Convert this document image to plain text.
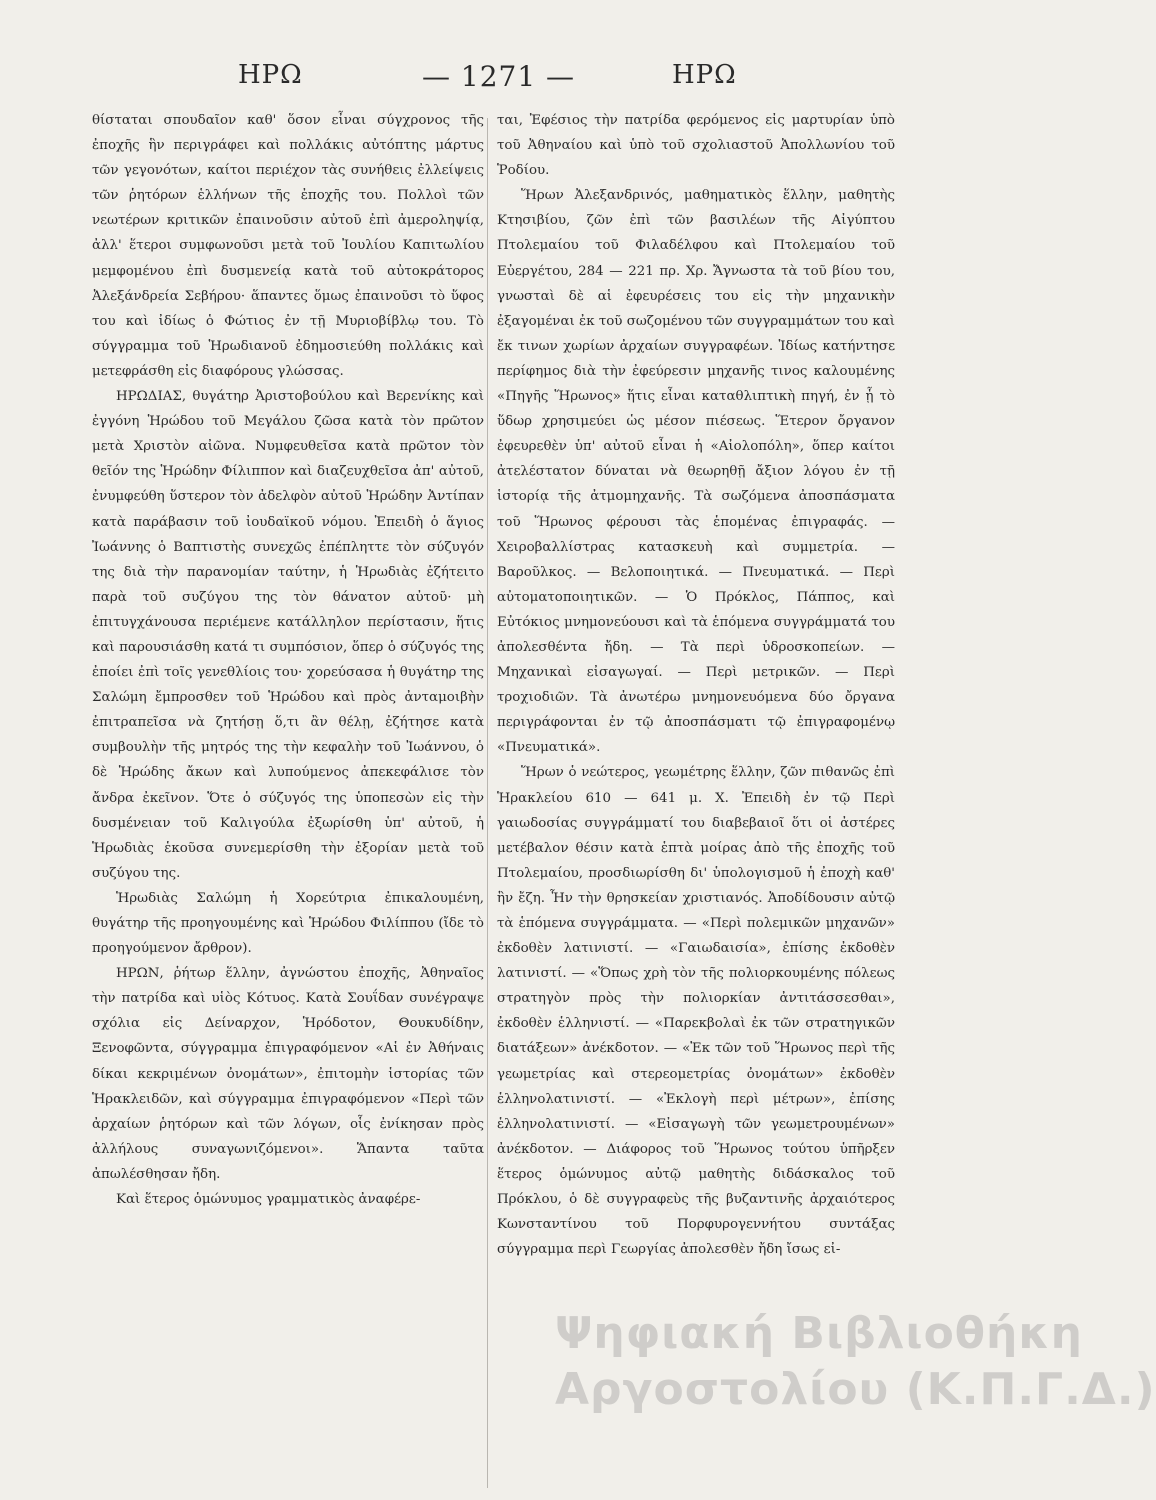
ΗΡΩ	— 1271 —	ΗΡΩ

θίσταται σπουδαῖον καθ' ὅσον εἶναι σύγχρονος τῆς ἐποχῆς ἣν περιγράφει καὶ πολλάκις αὐτόπτης μάρτυς τῶν γεγονότων, καίτοι περιέχον τὰς συνήθεις ἐλλείψεις τῶν ῥητόρων ἑλλήνων τῆς ἐποχῆς του. Πολλοὶ τῶν νεωτέρων κριτικῶν ἐπαινοῦσιν αὐτοῦ ἐπὶ ἀμεροληψίᾳ, ἀλλ' ἕτεροι συμφωνοῦσι μετὰ τοῦ Ἰουλίου Καπιτωλίου μεμφομένου ἐπὶ δυσμενείᾳ κατὰ τοῦ αὐτοκράτορος Ἀλεξάνδρεία Σεβήρου· ἅπαντες ὅμως ἐπαινοῦσι τὸ ὕφος του καὶ ἰδίως ὁ Φώτιος ἐν τῇ Μυριοβίβλῳ του. Τὸ σύγγραμμα τοῦ Ἡρωδιανοῦ ἐδημοσιεύθη πολλάκις καὶ μετεφράσθη εἰς διαφόρους γλώσσας.

ΗΡΩΔΙΑΣ, θυγάτηρ Ἀριστοβούλου καὶ Βερενίκης καὶ ἐγγόνη Ἡρώδου τοῦ Μεγάλου ζῶσα κατὰ τὸν πρῶτον μετὰ Χριστὸν αἰῶνα. Νυμφευθεῖσα κατὰ πρῶτον τὸν θεῖόν της Ἡρώδην Φίλιππον καὶ διαζευχθεῖσα ἀπ' αὐτοῦ, ἐνυμφεύθη ὕστερον τὸν ἀδελφὸν αὐτοῦ Ἡρώδην Ἀντίπαν κατὰ παράβασιν τοῦ ἰουδαϊκοῦ νόμου. Ἐπειδὴ ὁ ἅγιος Ἰωάννης ὁ Βαπτιστὴς συνεχῶς ἐπέπληττε τὸν σύζυγόν της διὰ τὴν παρανομίαν ταύτην, ἡ Ἡρωδιὰς ἐζήτειτο παρὰ τοῦ συζύγου της τὸν θάνατον αὐτοῦ· μὴ ἐπιτυγχάνουσα περιέμενε κατάλληλον περίστασιν, ἥτις καὶ παρουσιάσθη κατά τι συμπόσιον, ὅπερ ὁ σύζυγός της ἐποίει ἐπὶ τοῖς γενεθλίοις του· χορεύσασα ἡ θυγάτηρ της Σαλώμη ἔμπροσθεν τοῦ Ἡρώδου καὶ πρὸς ἀνταμοιβὴν ἐπιτραπεῖσα νὰ ζητήσῃ ὅ,τι ἂν θέλῃ, ἐζήτησε κατὰ συμβουλὴν τῆς μητρός της τὴν κεφαλὴν τοῦ Ἰωάννου, ὁ δὲ Ἡρώδης ἄκων καὶ λυπούμενος ἀπεκεφάλισε τὸν ἄνδρα ἐκεῖνον. Ὅτε ὁ σύζυγός της ὑποπεσὼν εἰς τὴν δυσμένειαν τοῦ Καλιγούλα ἐξωρίσθη ὑπ' αὐτοῦ, ἡ Ἡρωδιὰς ἑκοῦσα συνεμερίσθη τὴν ἐξορίαν μετὰ τοῦ συζύγου της.

Ἡρωδιὰς Σαλώμη ἡ Χορεύτρια ἐπικαλουμένη, θυγάτηρ τῆς προηγουμένης καὶ Ἡρώδου Φιλίππου (ἴδε τὸ προηγούμενον ἄρθρον).

ΗΡΩΝ, ῥήτωρ ἕλλην, ἀγνώστου ἐποχῆς, Ἀθηναῖος τὴν πατρίδα καὶ υἱὸς Κότυος. Κατὰ Σουΐδαν συνέγραψε σχόλια εἰς Δείναρχον, Ἡρόδοτον, Θουκυδίδην, Ξενοφῶντα, σύγγραμμα ἐπιγραφόμενον «Αἱ ἐν Ἀθήναις δίκαι κεκριμένων ὀνομάτων», ἐπιτομὴν ἱστορίας τῶν Ἡρακλειδῶν, καὶ σύγγραμμα ἐπιγραφόμενον «Περὶ τῶν ἀρχαίων ῥητόρων καὶ τῶν λόγων, οἷς ἐνίκησαν πρὸς ἀλλήλους συναγωνιζόμενοι». Ἅπαντα ταῦτα ἀπωλέσθησαν ἤδη.

Καὶ ἕτερος ὁμώνυμος γραμματικὸς ἀναφέρε-

ται, Ἐφέσιος τὴν πατρίδα φερόμενος εἰς μαρτυρίαν ὑπὸ τοῦ Ἀθηναίου καὶ ὑπὸ τοῦ σχολιαστοῦ Ἀπολλωνίου τοῦ Ῥοδίου.

Ἥρων Ἀλεξανδρινός, μαθηματικὸς ἕλλην, μαθητὴς Κτησιβίου, ζῶν ἐπὶ τῶν βασιλέων τῆς Αἰγύπτου Πτολεμαίου τοῦ Φιλαδέλφου καὶ Πτολεμαίου τοῦ Εὐεργέτου, 284 — 221 πρ. Χρ. Ἄγνωστα τὰ τοῦ βίου του, γνωσταὶ δὲ αἱ ἐφευρέσεις του εἰς τὴν μηχανικὴν ἐξαγομέναι ἐκ τοῦ σωζομένου τῶν συγγραμμάτων του καὶ ἔκ τινων χωρίων ἀρχαίων συγγραφέων. Ἰδίως κατήντησε περίφημος διὰ τὴν ἐφεύρεσιν μηχανῆς τινος καλουμένης «Πηγῆς Ἥρωνος» ἥτις εἶναι καταθλιπτικὴ πηγή, ἐν ᾗ τὸ ὕδωρ χρησιμεύει ὡς μέσον πιέσεως. Ἕτερον ὄργανον ἐφευρεθὲν ὑπ' αὐτοῦ εἶναι ἡ «Αἰολοπόλη», ὅπερ καίτοι ἀτελέστατον δύναται νὰ θεωρηθῇ ἄξιον λόγου ἐν τῇ ἱστορίᾳ τῆς ἀτμομηχανῆς. Τὰ σωζόμενα ἀποσπάσματα τοῦ Ἥρωνος φέρουσι τὰς ἑπομένας ἐπιγραφάς. — Χειροβαλλίστρας κατασκευὴ καὶ συμμετρία. — Βαροῦλκος. — Βελοποιητικά. — Πνευματικά. — Περὶ αὐτοματοποιητικῶν. — Ὁ Πρόκλος, Πάππος, καὶ Εὐτόκιος μνημονεύουσι καὶ τὰ ἑπόμενα συγγράμματά του ἀπολεσθέντα ἤδη. — Τὰ περὶ ὑδροσκοπείων. — Μηχανικαὶ εἰσαγωγαί. — Περὶ μετρικῶν. — Περὶ τροχιοδιῶν. Τὰ ἀνωτέρω μνημονευόμενα δύο ὄργανα περιγράφονται ἐν τῷ ἀποσπάσματι τῷ ἐπιγραφομένῳ «Πνευματικά».

Ἥρων ὁ νεώτερος, γεωμέτρης ἕλλην, ζῶν πιθανῶς ἐπὶ Ἡρακλείου 610 — 641 μ. Χ. Ἐπειδὴ ἐν τῷ Περὶ γαιωδοσίας συγγράμματί του διαβεβαιοῖ ὅτι οἱ ἀστέρες μετέβαλον θέσιν κατὰ ἑπτὰ μοίρας ἀπὸ τῆς ἐποχῆς τοῦ Πτολεμαίου, προσδιωρίσθη δι' ὑπολογισμοῦ ἡ ἐποχὴ καθ' ἣν ἔζη. Ἦν τὴν θρησκείαν χριστιανός. Ἀποδίδουσιν αὐτῷ τὰ ἑπόμενα συγγράμματα. — «Περὶ πολεμικῶν μηχανῶν» ἐκδοθὲν λατινιστί. — «Γαιωδαισία», ἐπίσης ἐκδοθὲν λατινιστί. — «Ὅπως χρὴ τὸν τῆς πολιορκουμένης πόλεως στρατηγὸν πρὸς τὴν πολιορκίαν ἀντιτάσσεσθαι», ἐκδοθὲν ἑλληνιστί. — «Παρεκβολαὶ ἐκ τῶν στρατηγικῶν διατάξεων» ἀνέκδοτον. — «Ἐκ τῶν τοῦ Ἥρωνος περὶ τῆς γεωμετρίας καὶ στερεομετρίας ὀνομάτων» ἐκδοθὲν ἑλληνολατινιστί. — «Ἐκλογὴ περὶ μέτρων», ἐπίσης ἑλληνολατινιστί. — «Εἰσαγωγὴ τῶν γεωμετρουμένων» ἀνέκδοτον. — Διάφορος τοῦ Ἥρωνος τούτου ὑπῆρξεν ἕτερος ὁμώνυμος αὐτῷ μαθητὴς διδάσκαλος τοῦ Πρόκλου, ὁ δὲ συγγραφεὺς τῆς βυζαντινῆς ἀρχαιότερος Κωνσταντίνου τοῦ Πορφυρογεννήτου συντάξας σύγγραμμα περὶ Γεωργίας ἀπολεσθὲν ἤδη ἴσως εἰ-

Ψηφιακή Βιβλιοθήκη
Αργοστολίου (Κ.Π.Γ.Δ.)
